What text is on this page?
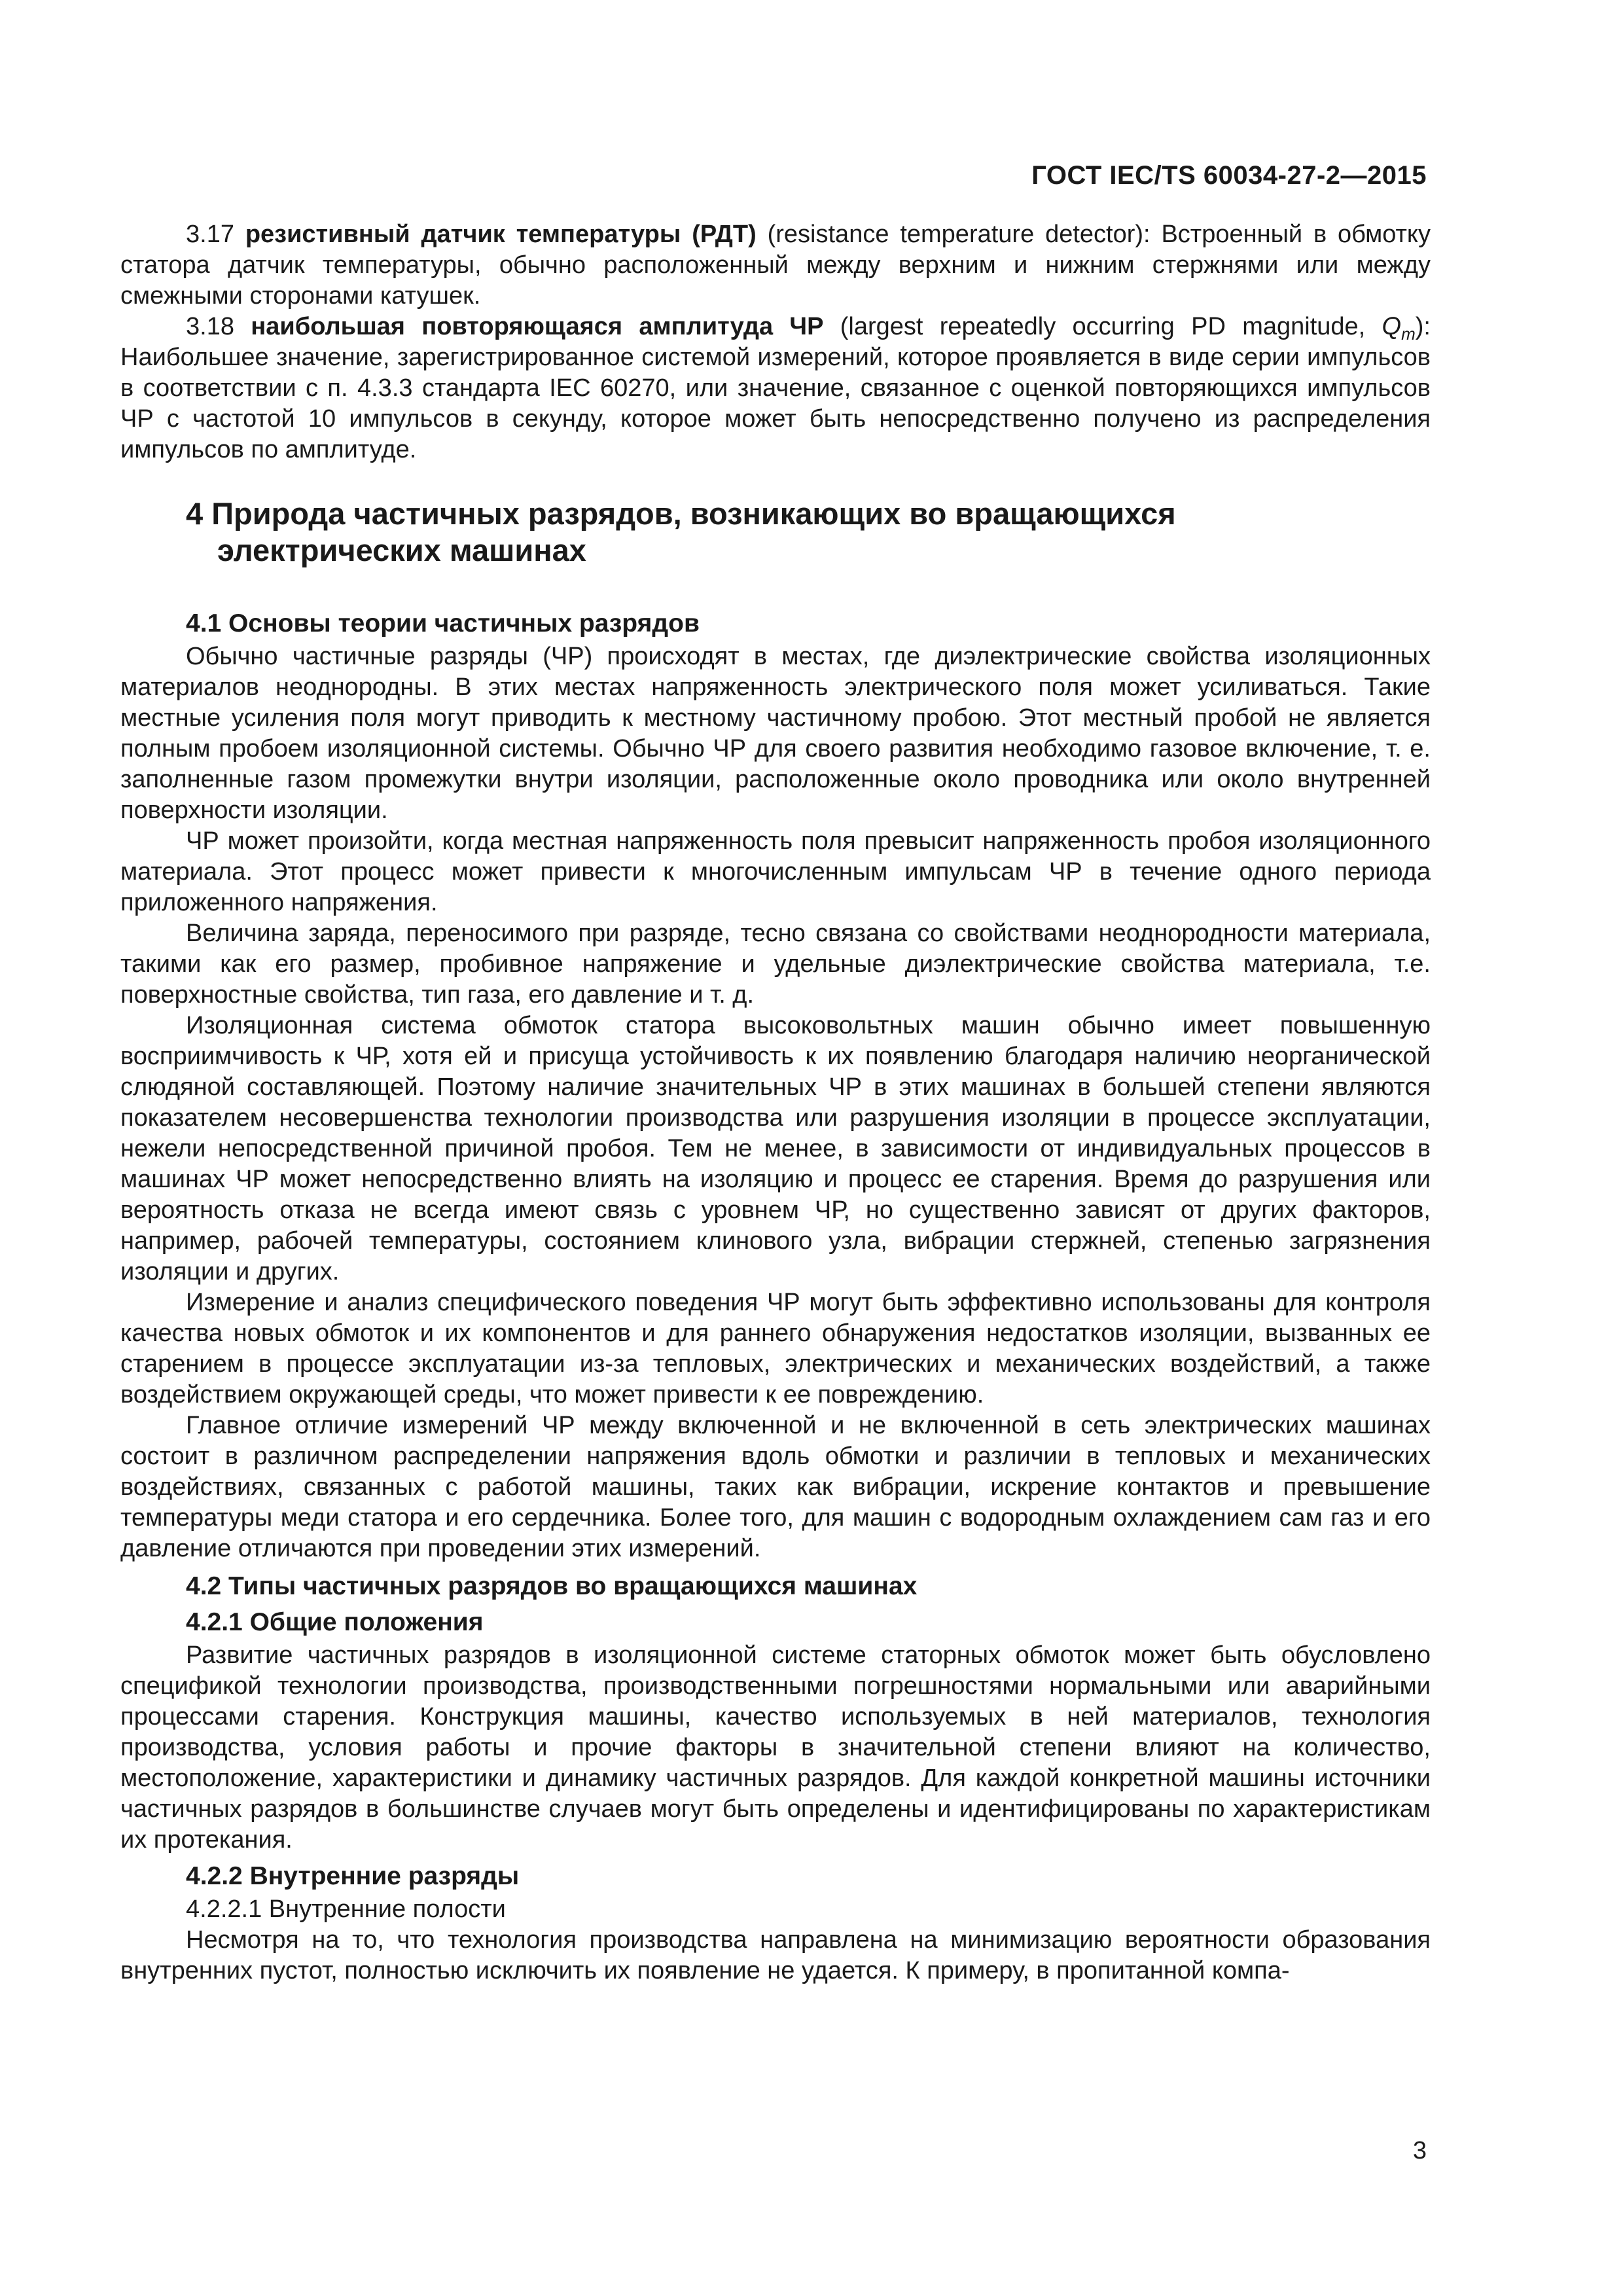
ГОСТ IEC/TS 60034-27-2—2015

3.17 резистивный датчик температуры (РДТ) (resistance temperature detector): Встроенный в обмотку статора датчик температуры, обычно расположенный между верхним и нижним стержнями или между смежными сторонами катушек.

3.18 наибольшая повторяющаяся амплитуда ЧР (largest repeatedly occurring PD magnitude, $Q_m$): Наибольшее значение, зарегистрированное системой измерений, которое проявляется в виде серии импульсов в соответствии с п. 4.3.3 стандарта IEC 60270, или значение, связанное с оценкой повторяющихся импульсов ЧР с частотой 10 импульсов в секунду, которое может быть непосредственно получено из распределения импульсов по амплитуде.

4 Природа частичных разрядов, возникающих во вращающихся
электрических машинах
4.1 Основы теории частичных разрядов

Обычно частичные разряды (ЧР) происходят в местах, где диэлектрические свойства изоляционных материалов неоднородны. В этих местах напряженность электрического поля может усиливаться. Такие местные усиления поля могут приводить к местному частичному пробою. Этот местный пробой не является полным пробоем изоляционной системы. Обычно ЧР для своего развития необходимо газовое включение, т. е. заполненные газом промежутки внутри изоляции, расположенные около проводника или около внутренней поверхности изоляции.

ЧР может произойти, когда местная напряженность поля превысит напряженность пробоя изоляционного материала. Этот процесс может привести к многочисленным импульсам ЧР в течение одного периода приложенного напряжения.

Величина заряда, переносимого при разряде, тесно связана со свойствами неоднородности материала, такими как его размер, пробивное напряжение и удельные диэлектрические свойства материала, т.е. поверхностные свойства, тип газа, его давление и т. д.

Изоляционная система обмоток статора высоковольтных машин обычно имеет повышенную восприимчивость к ЧР, хотя ей и присуща устойчивость к их появлению благодаря наличию неорганической слюдяной составляющей. Поэтому наличие значительных ЧР в этих машинах в большей степени являются показателем несовершенства технологии производства или разрушения изоляции в процессе эксплуатации, нежели непосредственной причиной пробоя. Тем не менее, в зависимости от индивидуальных процессов в машинах ЧР может непосредственно влиять на изоляцию и процесс ее старения. Время до разрушения или вероятность отказа не всегда имеют связь с уровнем ЧР, но существенно зависят от других факторов, например, рабочей температуры, состоянием клинового узла, вибрации стержней, степенью загрязнения изоляции и других.

Измерение и анализ специфического поведения ЧР могут быть эффективно использованы для контроля качества новых обмоток и их компонентов и для раннего обнаружения недостатков изоляции, вызванных ее старением в процессе эксплуатации из-за тепловых, электрических и механических воздействий, а также воздействием окружающей среды, что может привести к ее повреждению.

Главное отличие измерений ЧР между включенной и не включенной в сеть электрических машинах состоит в различном распределении напряжения вдоль обмотки и различии в тепловых и механических воздействиях, связанных с работой машины, таких как вибрации, искрение контактов и превышение температуры меди статора и его сердечника. Более того, для машин с водородным охлаждением сам газ и его давление отличаются при проведении этих измерений.

4.2 Типы частичных разрядов во вращающихся машинах
4.2.1 Общие положения

Развитие частичных разрядов в изоляционной системе статорных обмоток может быть обусловлено спецификой технологии производства, производственными погрешностями нормальными или аварийными процессами старения. Конструкция машины, качество используемых в ней материалов, технология производства, условия работы и прочие факторы в значительной степени влияют на количество, местоположение, характеристики и динамику частичных разрядов. Для каждой конкретной машины источники частичных разрядов в большинстве случаев могут быть определены и идентифицированы по характеристикам их протекания.

4.2.2 Внутренние разряды
4.2.2.1 Внутренние полости

Несмотря на то, что технология производства направлена на минимизацию вероятности образования внутренних пустот, полностью исключить их появление не удается. К примеру, в пропитанной компа-

3
